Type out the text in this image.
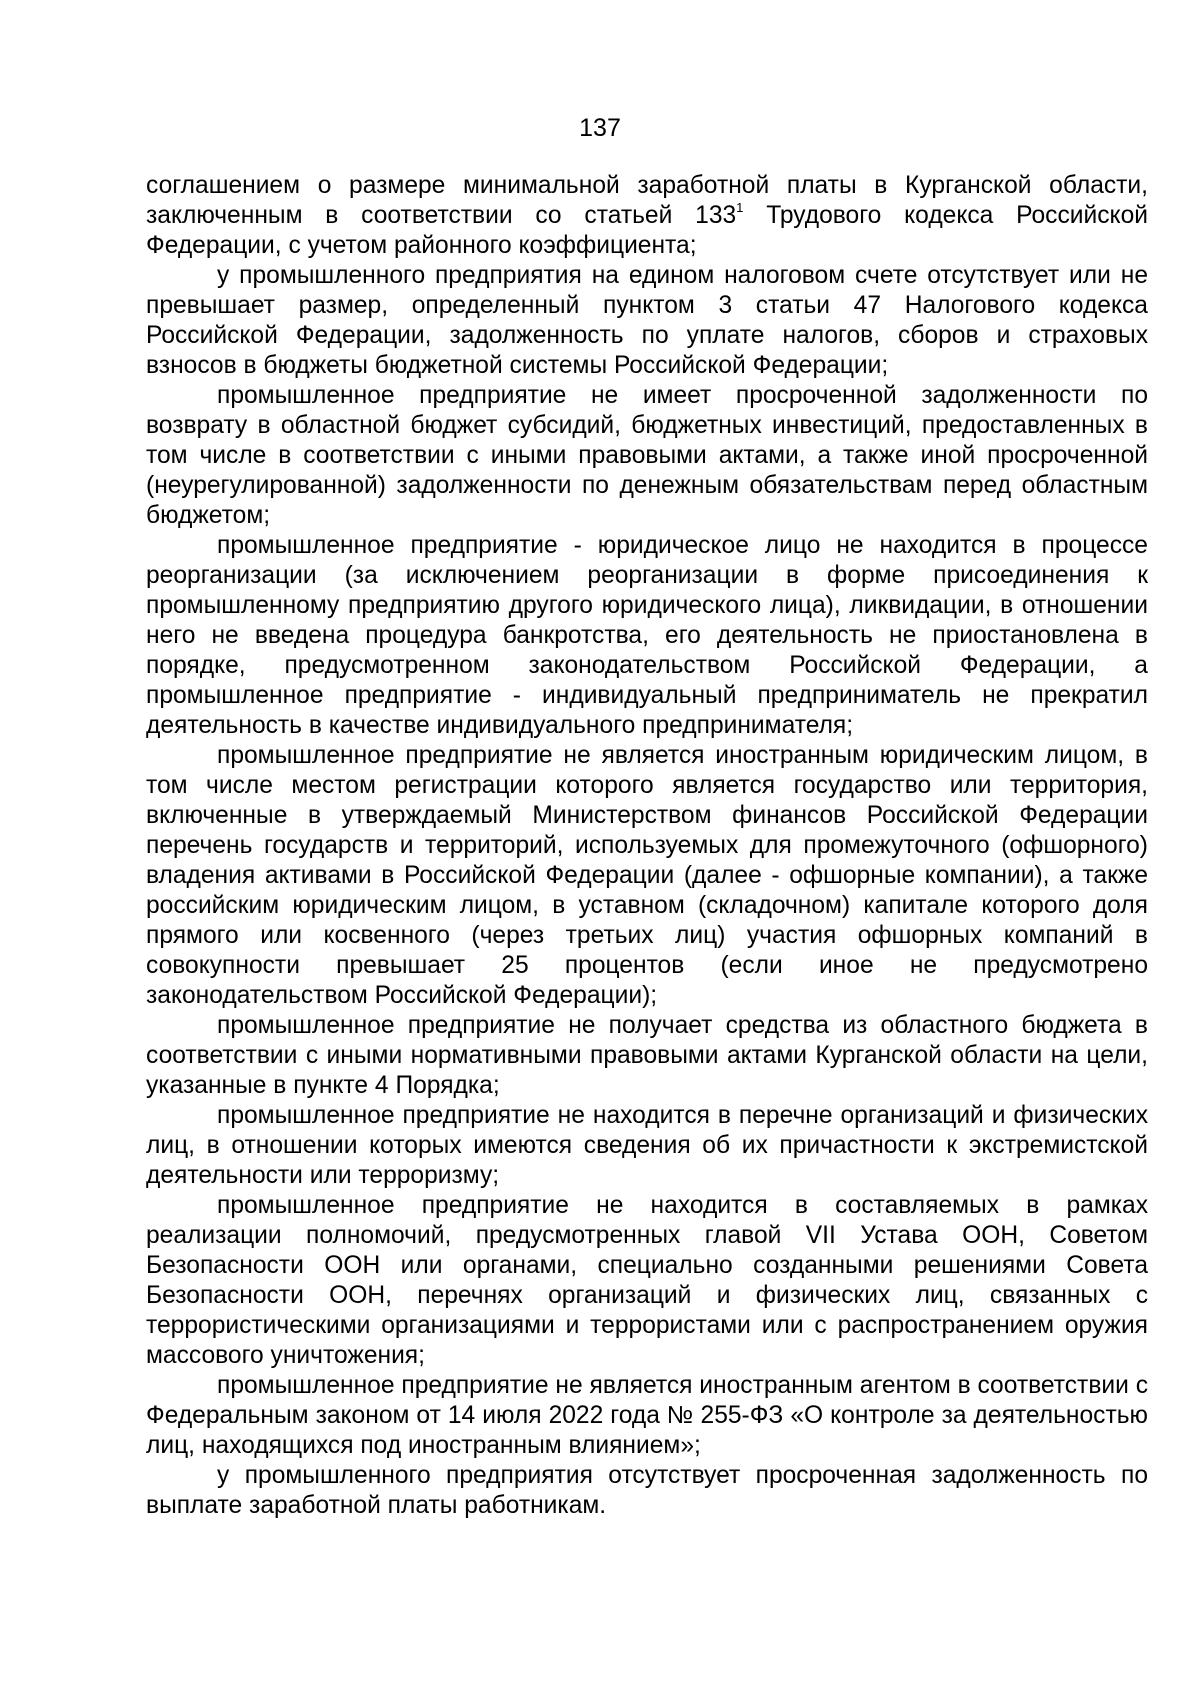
137

соглашением о размере минимальной заработной платы в Курганской области, заключенным в соответствии со статьей $133^1$ Трудового кодекса Российской Федерации, с учетом районного коэффициента;

у промышленного предприятия на едином налоговом счете отсутствует или не превышает размер, определенный пунктом 3 статьи 47 Налогового кодекса Российской Федерации, задолженность по уплате налогов, сборов и страховых взносов в бюджеты бюджетной системы Российской Федерации;

промышленное предприятие не имеет просроченной задолженности по возврату в областной бюджет субсидий, бюджетных инвестиций, предоставленных в том числе в соответствии с иными правовыми актами, а также иной просроченной (неурегулированной) задолженности по денежным обязательствам перед областным бюджетом;

промышленное предприятие - юридическое лицо не находится в процессе реорганизации (за исключением реорганизации в форме присоединения к промышленному предприятию другого юридического лица), ликвидации, в отношении него не введена процедура банкротства, его деятельность не приостановлена в порядке, предусмотренном законодательством Российской Федерации, а промышленное предприятие - индивидуальный предприниматель не прекратил деятельность в качестве индивидуального предпринимателя;

промышленное предприятие не является иностранным юридическим лицом, в том числе местом регистрации которого является государство или территория, включенные в утверждаемый Министерством финансов Российской Федерации перечень государств и территорий, используемых для промежуточного (офшорного) владения активами в Российской Федерации (далее - офшорные компании), а также российским юридическим лицом, в уставном (складочном) капитале которого доля прямого или косвенного (через третьих лиц) участия офшорных компаний в совокупности превышает 25 процентов (если иное не предусмотрено законодательством Российской Федерации);

промышленное предприятие не получает средства из областного бюджета в соответствии с иными нормативными правовыми актами Курганской области на цели, указанные в пункте 4 Порядка;

промышленное предприятие не находится в перечне организаций и физических лиц, в отношении которых имеются сведения об их причастности к экстремистской деятельности или терроризму;

промышленное предприятие не находится в составляемых в рамках реализации полномочий, предусмотренных главой VII Устава ООН, Советом Безопасности ООН или органами, специально созданными решениями Совета Безопасности ООН, перечнях организаций и физических лиц, связанных с террористическими организациями и террористами или с распространением оружия массового уничтожения;

промышленное предприятие не является иностранным агентом в соответствии с Федеральным законом от 14 июля 2022 года № 255-ФЗ «О контроле за деятельностью лиц, находящихся под иностранным влиянием»;

у промышленного предприятия отсутствует просроченная задолженность по выплате заработной платы работникам.
